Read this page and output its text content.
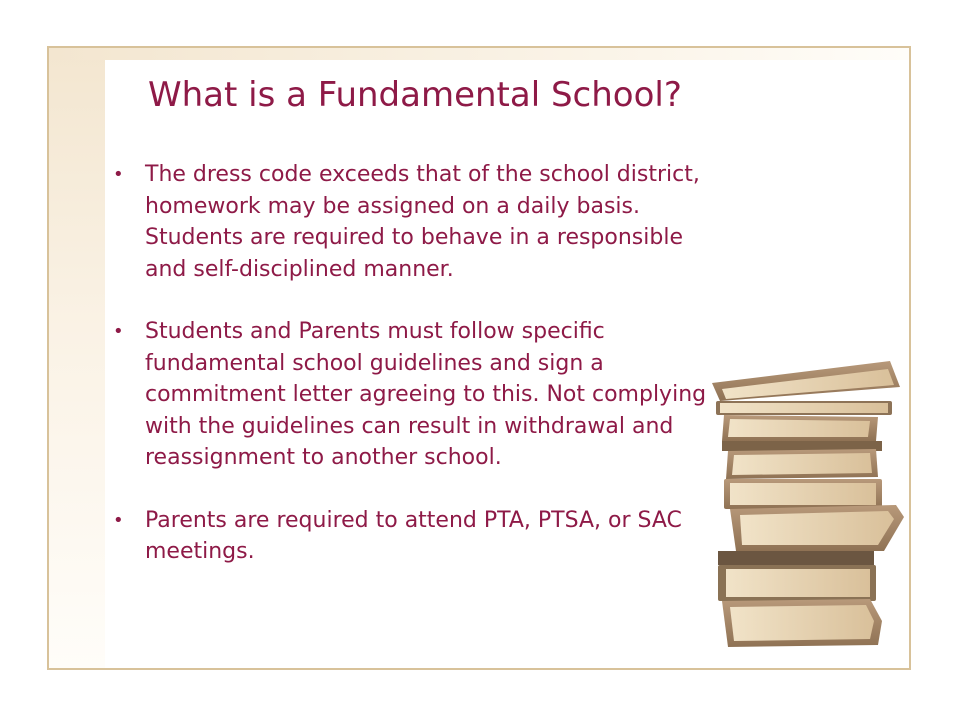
What is a Fundamental School?
• The dress code exceeds that of the school district, homework may be assigned on a daily basis. Students are required to behave in a responsible and self-disciplined manner.
• Students and Parents must follow specific fundamental school guidelines and sign a commitment letter agreeing to this. Not complying with the guidelines can result in withdrawal and reassignment to another school.
• Parents are required to attend PTA, PTSA, or SAC meetings.
